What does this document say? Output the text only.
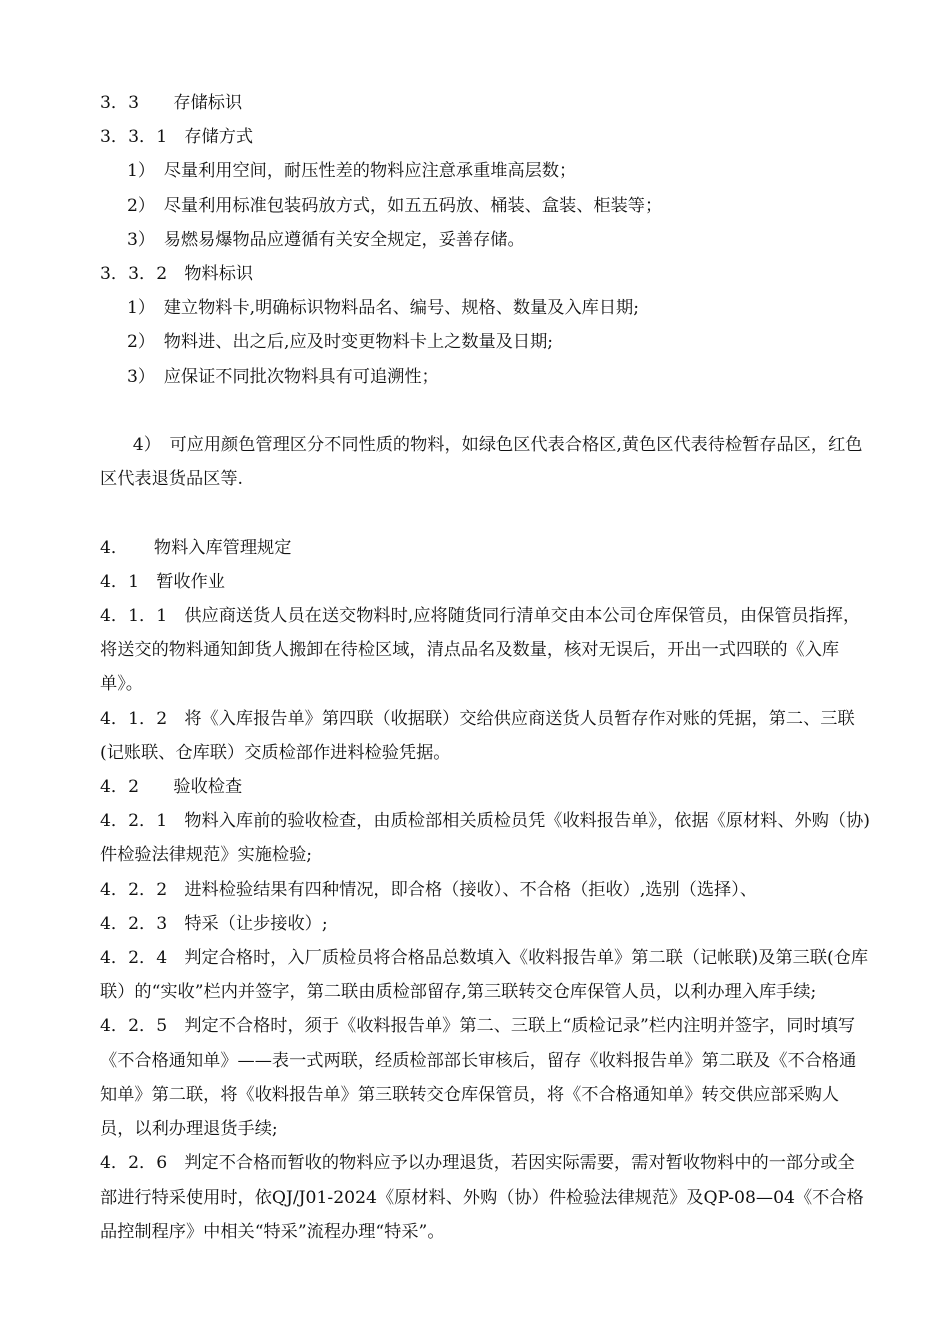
3．3　　存储标识
3．3．1　存储方式
1）　尽量利用空间，耐压性差的物料应注意承重堆高层数；
2）　尽量利用标准包装码放方式，如五五码放、桶装、盒装、柜装等；
3）　易燃易爆物品应遵循有关安全规定，妥善存储。
3．3．2　物料标识
1）　建立物料卡,明确标识物料品名、编号、规格、数量及入库日期;
2）　物料进、出之后,应及时变更物料卡上之数量及日期;
3）　应保证不同批次物料具有可追溯性；

4）　可应用颜色管理区分不同性质的物料，如绿色区代表合格区,黄色区代表待检暂存品区，红色区代表退货品区等.

4．　　物料入库管理规定
4．1　暂收作业
4．1．1　供应商送货人员在送交物料时,应将随货同行清单交由本公司仓库保管员，由保管员指挥，将送交的物料通知卸货人搬卸在待检区域，清点品名及数量，核对无误后，开出一式四联的《入库单》。
4．1．2　将《入库报告单》第四联（收据联）交给供应商送货人员暂存作对账的凭据，第二、三联(记账联、仓库联）交质检部作进料检验凭据。
4．2　　验收检查
4．2．1　物料入库前的验收检查，由质检部相关质检员凭《收料报告单》，依据《原材料、外购（协)件检验法律规范》实施检验;
4．2．2　进料检验结果有四种情况，即合格（接收）、不合格（拒收）,选别（选择）、
4．2．3　特采（让步接收）;
4．2．4　判定合格时，入厂质检员将合格品总数填入《收料报告单》第二联（记帐联)及第三联(仓库联）的“实收”栏内并签字，第二联由质检部留存,第三联转交仓库保管人员，以利办理入库手续;
4．2．5　判定不合格时，须于《收料报告单》第二、三联上“质检记录”栏内注明并签字，同时填写《不合格通知单》——表一式两联，经质检部部长审核后，留存《收料报告单》第二联及《不合格通知单》第二联，将《收料报告单》第三联转交仓库保管员，将《不合格通知单》转交供应部采购人员，以利办理退货手续;
4．2．6　判定不合格而暂收的物料应予以办理退货，若因实际需要，需对暂收物料中的一部分或全部进行特采使用时，依QJ/J01-2024《原材料、外购（协）件检验法律规范》及QP-08—04《不合格品控制程序》中相关“特采”流程办理“特采”。
